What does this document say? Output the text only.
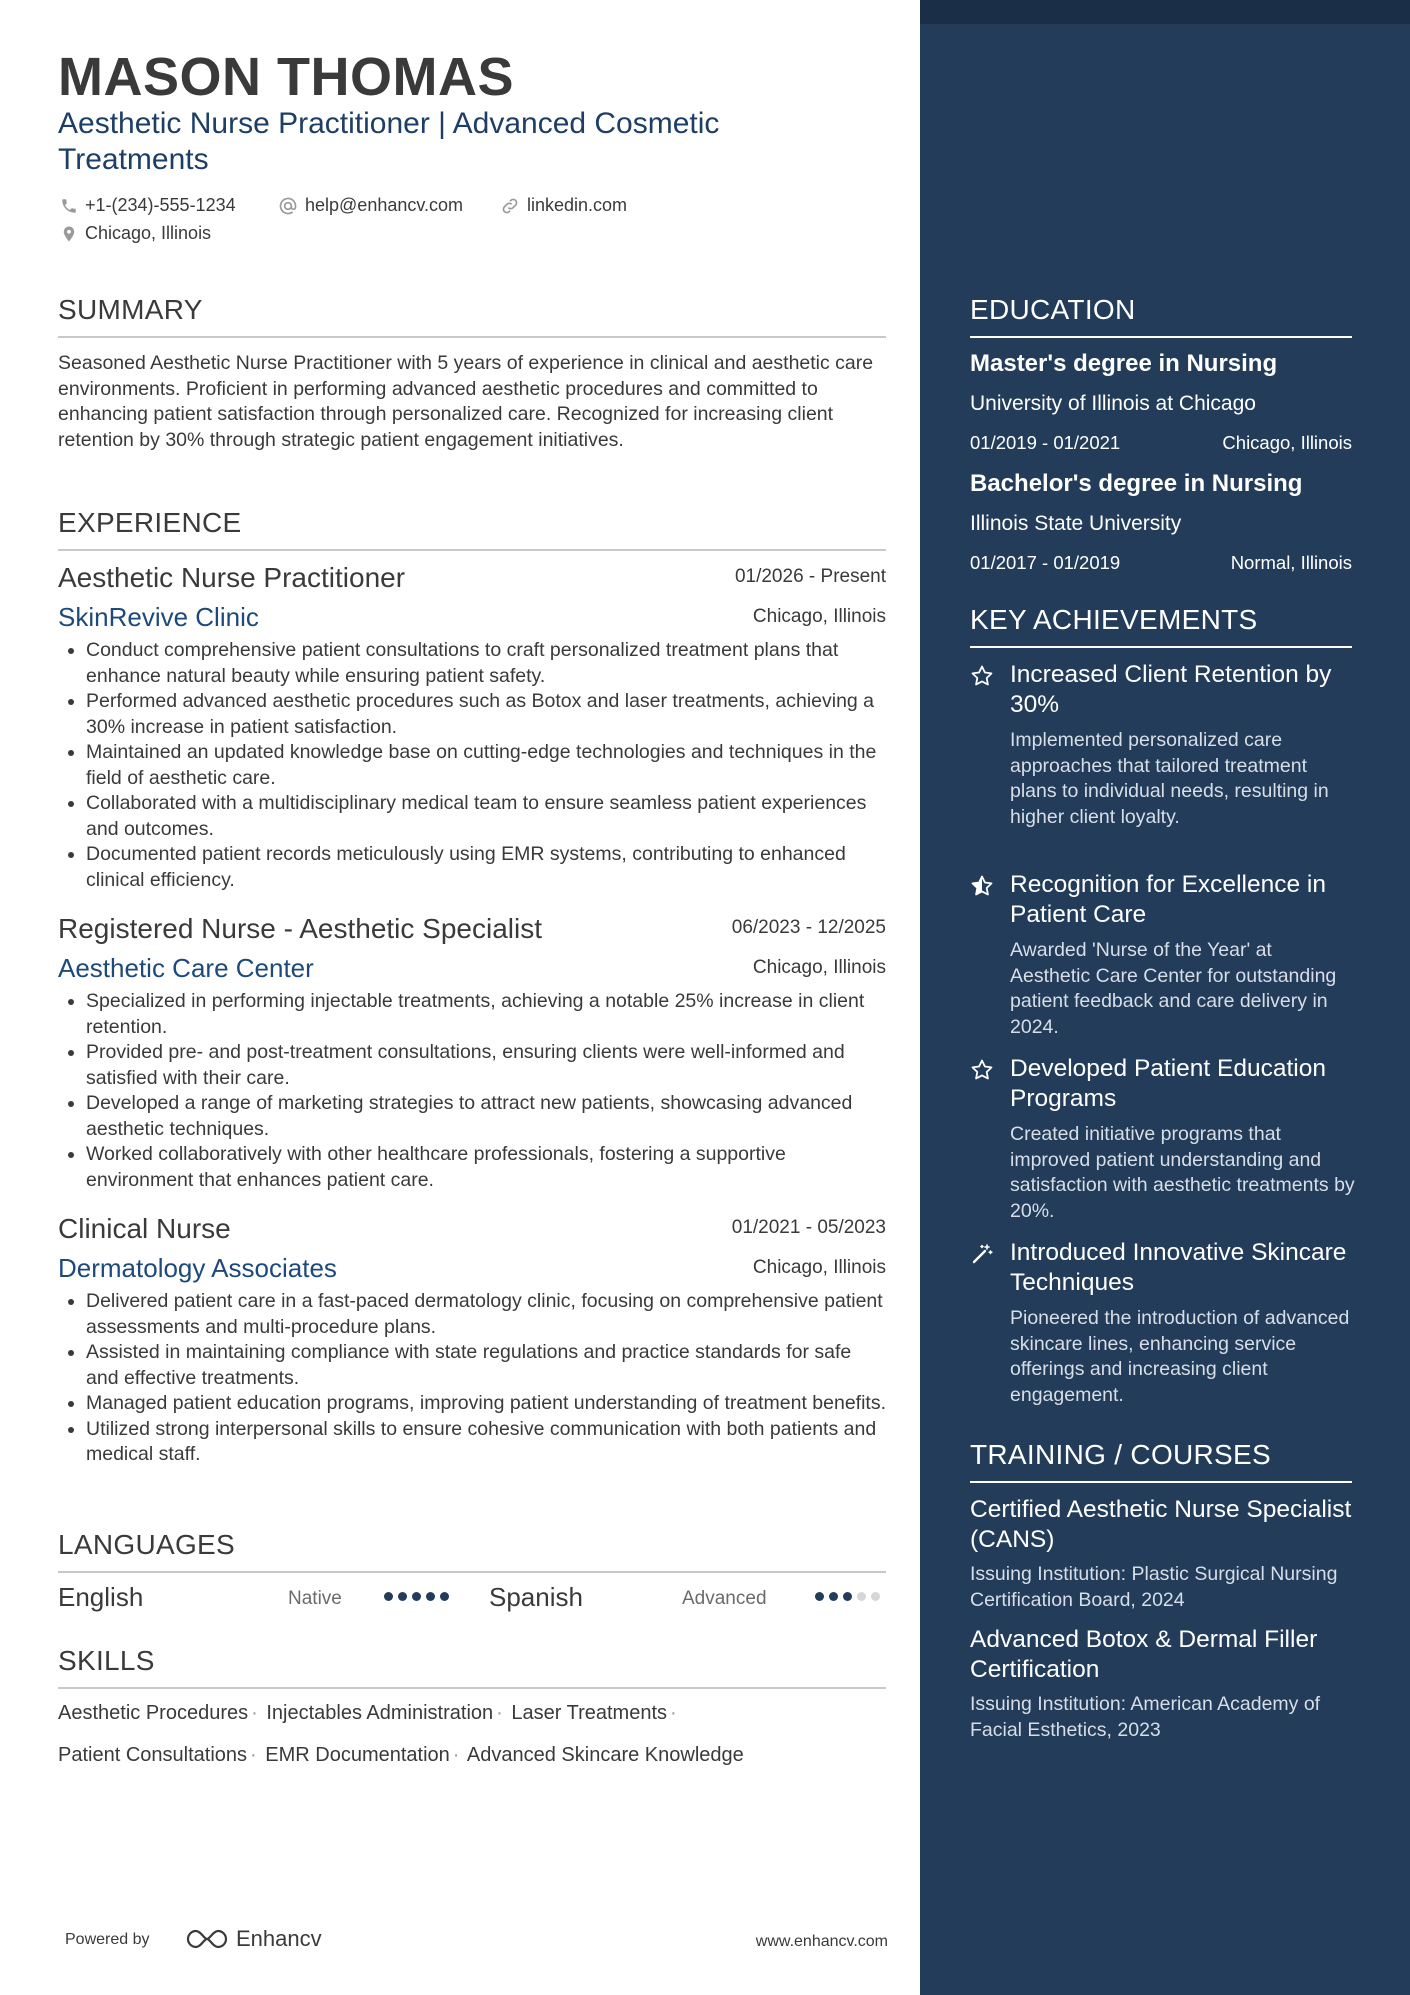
MASON THOMAS
Aesthetic Nurse Practitioner | Advanced Cosmetic Treatments
+1-(234)-555-1234	help@enhancv.com	linkedin.com
Chicago, Illinois
SUMMARY

Seasoned Aesthetic Nurse Practitioner with 5 years of experience in clinical and aesthetic care environments. Proficient in performing advanced aesthetic procedures and committed to enhancing patient satisfaction through personalized care. Recognized for increasing client retention by 30% through strategic patient engagement initiatives.

EXPERIENCE
Aesthetic Nurse Practitioner	01/2026 - Present
SkinRevive Clinic	Chicago, Illinois
• Conduct comprehensive patient consultations to craft personalized treatment plans that enhance natural beauty while ensuring patient safety.
• Performed advanced aesthetic procedures such as Botox and laser treatments, achieving a 30% increase in patient satisfaction.
• Maintained an updated knowledge base on cutting-edge technologies and techniques in the field of aesthetic care.
• Collaborated with a multidisciplinary medical team to ensure seamless patient experiences and outcomes.
• Documented patient records meticulously using EMR systems, contributing to enhanced clinical efficiency.
Registered Nurse - Aesthetic Specialist	06/2023 - 12/2025
Aesthetic Care Center	Chicago, Illinois
• Specialized in performing injectable treatments, achieving a notable 25% increase in client retention.
• Provided pre- and post-treatment consultations, ensuring clients were well-informed and satisfied with their care.
• Developed a range of marketing strategies to attract new patients, showcasing advanced aesthetic techniques.
• Worked collaboratively with other healthcare professionals, fostering a supportive environment that enhances patient care.
Clinical Nurse	01/2021 - 05/2023
Dermatology Associates	Chicago, Illinois
• Delivered patient care in a fast-paced dermatology clinic, focusing on comprehensive patient assessments and multi-procedure plans.
• Assisted in maintaining compliance with state regulations and practice standards for safe and effective treatments.
• Managed patient education programs, improving patient understanding of treatment benefits.
• Utilized strong interpersonal skills to ensure cohesive communication with both patients and medical staff.
LANGUAGES
English	Native	Spanish	Advanced
SKILLS
Aesthetic Procedures · Injectables Administration · Laser Treatments ·
Patient Consultations · EMR Documentation · Advanced Skincare Knowledge
Powered by	Enhancv	www.enhancv.com
EDUCATION
Master's degree in Nursing
University of Illinois at Chicago
01/2019 - 01/2021	Chicago, Illinois
Bachelor's degree in Nursing
Illinois State University
01/2017 - 01/2019	Normal, Illinois
KEY ACHIEVEMENTS
Increased Client Retention by 30%
Implemented personalized care approaches that tailored treatment plans to individual needs, resulting in higher client loyalty.
Recognition for Excellence in Patient Care
Awarded 'Nurse of the Year' at Aesthetic Care Center for outstanding patient feedback and care delivery in 2024.
Developed Patient Education Programs
Created initiative programs that improved patient understanding and satisfaction with aesthetic treatments by 20%.
Introduced Innovative Skincare Techniques
Pioneered the introduction of advanced skincare lines, enhancing service offerings and increasing client engagement.
TRAINING / COURSES
Certified Aesthetic Nurse Specialist (CANS)
Issuing Institution: Plastic Surgical Nursing Certification Board, 2024
Advanced Botox & Dermal Filler Certification
Issuing Institution: American Academy of Facial Esthetics, 2023
